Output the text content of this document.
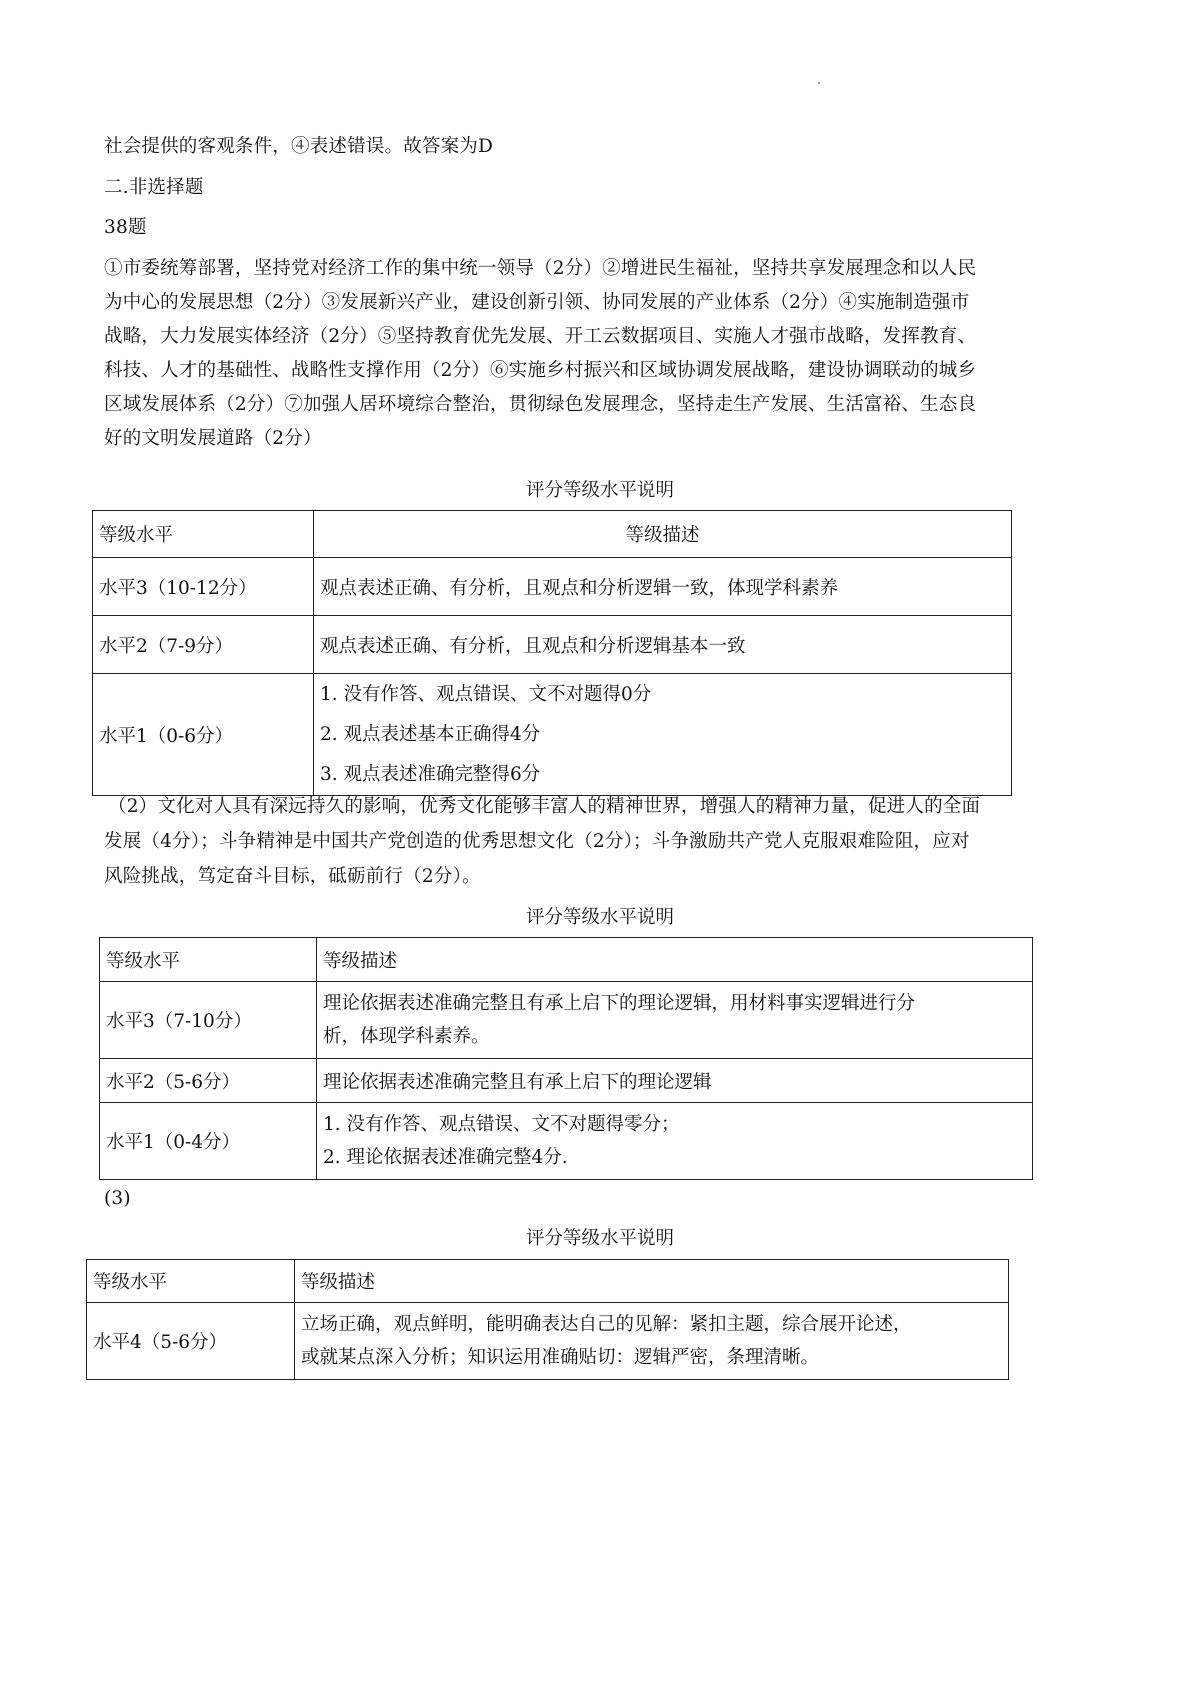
社会提供的客观条件，④表述错误。故答案为D
二.非选择题
38题
①市委统筹部署，坚持党对经济工作的集中统一领导（2分）②增进民生福祉，坚持共享发展理念和以人民
为中心的发展思想（2分）③发展新兴产业，建设创新引领、协同发展的产业体系（2分）④实施制造强市
战略，大力发展实体经济（2分）⑤坚持教育优先发展、开工云数据项目、实施人才强市战略，发挥教育、
科技、人才的基础性、战略性支撑作用（2分）⑥实施乡村振兴和区域协调发展战略，建设协调联动的城乡
区域发展体系（2分）⑦加强人居环境综合整治，贯彻绿色发展理念，坚持走生产发展、生活富裕、生态良
好的文明发展道路（2分）
评分等级水平说明
等级水平	等级描述
水平3（10-12分）	观点表述正确、有分析，且观点和分析逻辑一致，体现学科素养
水平2（7-9分）	观点表述正确、有分析，且观点和分析逻辑基本一致
水平1（0-6分）	1. 没有作答、观点错误、文不对题得0分
2. 观点表述基本正确得4分
3. 观点表述准确完整得6分
（2）文化对人具有深远持久的影响，优秀文化能够丰富人的精神世界，增强人的精神力量，促进人的全面
发展（4分）；斗争精神是中国共产党创造的优秀思想文化（2分）；斗争激励共产党人克服艰难险阻，应对
风险挑战，笃定奋斗目标，砥砺前行（2分）。
评分等级水平说明
等级水平	等级描述
水平3（7-10分）	理论依据表述准确完整且有承上启下的理论逻辑，用材料事实逻辑进行分
析，体现学科素养。

水平2（5-6分）	理论依据表述准确完整且有承上启下的理论逻辑
水平1（0-4分）	1. 没有作答、观点错误、文不对题得零分；
2. 理论依据表述准确完整4分.
(3)
评分等级水平说明
等级水平	等级描述
水平4（5-6分）	立场正确，观点鲜明，能明确表达自己的见解：紧扣主题，综合展开论述，
或就某点深入分析；知识运用准确贴切：逻辑严密，条理清晰。
